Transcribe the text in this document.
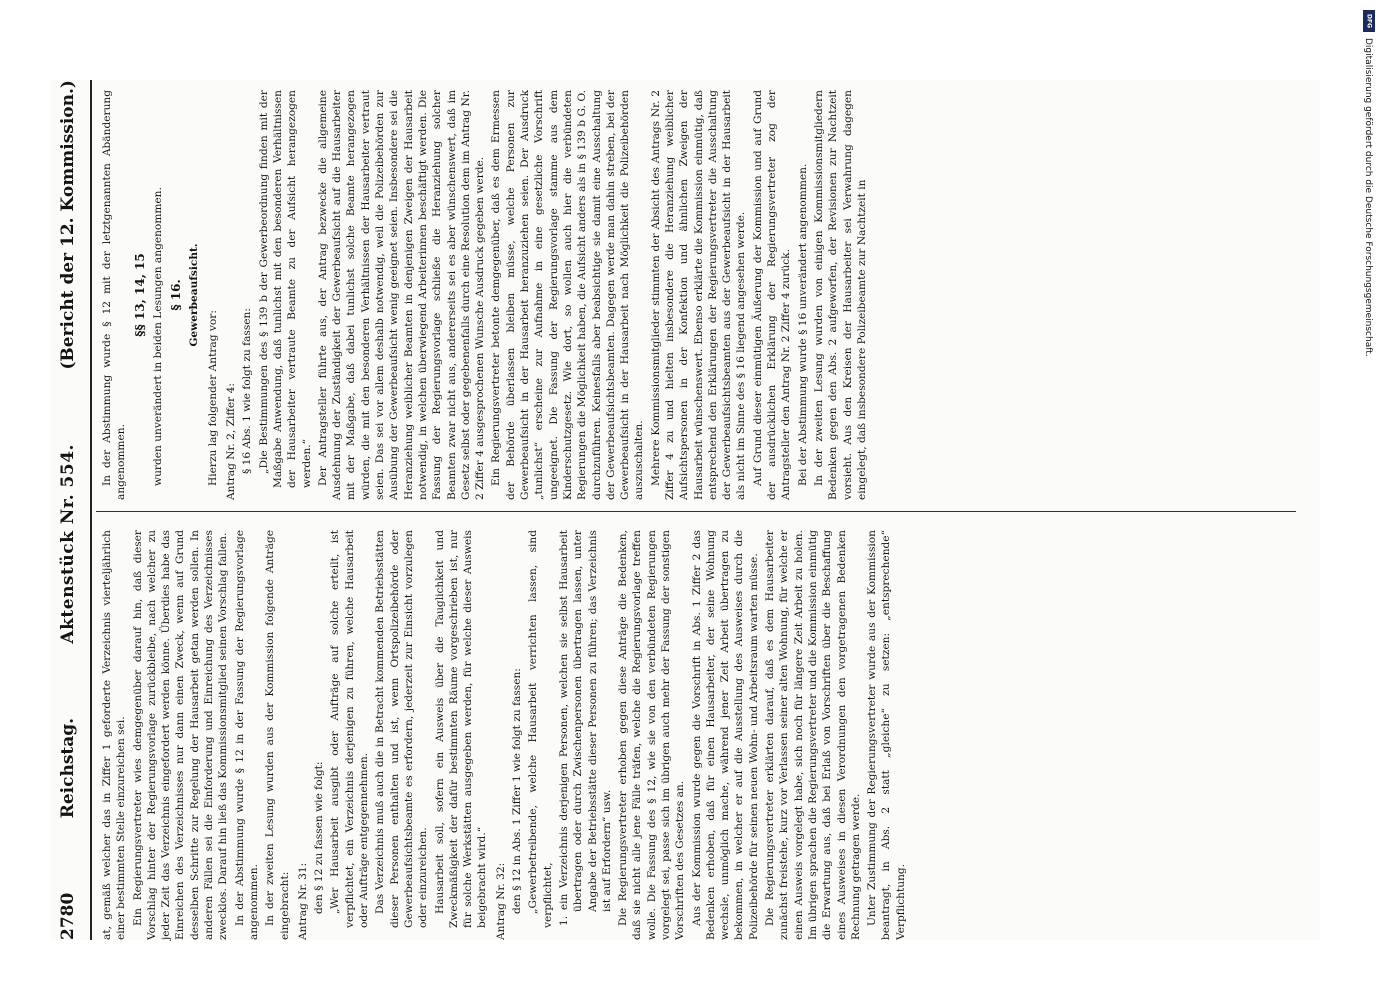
2780
Reichstag.
Aktenstück Nr. 554.
(Bericht der 12. Kommission.)

at, gemäß welcher das in Ziffer 1 geforderte Verzeichnis vierteljährlich einer bestimmten Stelle einzureichen sei. Ein Regierungsvertreter wies demgegenüber darauf hin, daß dieser Vorschlag hinter der Regierungsvorlage zurückbleibe, nach welcher zu jeder Zeit das Verzeichnis eingefordert werden könne. Überdies habe das Einreichen des Verzeichnisses nur dann einen Zweck, wenn auf Grund desselben Schritte zur Regelung der Hausarbeit getan werden sollen. In anderen Fällen sei die Einforderung und Einreichung des Verzeichnisses zwecklos. Darauf hin ließ das Kommissionsmitglied seinen Vorschlag fallen. In der Abstimmung wurde § 12 in der Fassung der Regierungsvorlage angenommen. In der zweiten Lesung wurden aus der Kommission folgende Anträge eingebracht: Antrag Nr. 31: den § 12 zu fassen wie folgt: „Wer Hausarbeit ausgibt oder Aufträge auf solche erteilt, ist verpflichtet, ein Verzeichnis derjenigen zu führen, welche Hausarbeit oder Aufträge entgegennehmen. Das Verzeichnis muß auch die in Betracht kommenden Betriebsstätten dieser Personen enthalten und ist, wenn Ortspolizeibehörde oder Gewerbeaufsichtsbeamte es erfordern, jederzeit zur Einsicht vorzulegen oder einzureichen. Hausarbeit soll, sofern ein Ausweis über die Tauglichkeit und Zweckmäßigkeit der dafür bestimmten Räume vorgeschrieben ist, nur für solche Werkstätten ausgegeben werden, für welche dieser Ausweis beigebracht wird.“ Antrag Nr. 32: den § 12 in Abs. 1 Ziffer 1 wie folgt zu fassen: „Gewerbetreibende, welche Hausarbeit verrichten lassen, sind verpflichtet, 1. ein Verzeichnis derjenigen Personen, welchen sie selbst Hausarbeit übertragen oder durch Zwischenpersonen übertragen lassen, unter Angabe der Betriebsstätte dieser Personen zu führen; das Verzeichnis ist auf Erfordern“ usw. Die Regierungsvertreter erhoben gegen diese Anträge die Bedenken, daß sie nicht alle jene Fälle träfen, welche die Regierungsvorlage treffen wolle. Die Fassung des § 12, wie sie von den verbündeten Regierungen vorgelegt sei, passe sich im übrigen auch mehr der Fassung der sonstigen Vorschriften des Gesetzes an. Aus der Kommission wurde gegen die Vorschrift in Abs. 1 Ziffer 2 das Bedenken erhoben, daß für einen Hausarbeiter, der seine Wohnung wechsle, unmöglich mache, während jener Zeit Arbeit übertragen zu bekommen, in welcher er auf die Ausstellung des Ausweises durch die Polizeibehörde für seinen neuen Wohn- und Arbeitsraum warten müsse. Die Regierungsvertreter erklärten darauf, daß es dem Hausarbeiter zunächst freistehe, kurz vor Verlassen seiner alten Wohnung, für welche er einen Ausweis vorgelegt habe, sich noch für längere Zeit Arbeit zu holen. Im übrigen sprachen die Regierungsvertreter und die Kommission einmütig die Erwartung aus, daß bei Erlaß von Vorschriften über die Beschaffung eines Ausweises in diesen Verordnungen den vorgetragenen Bedenken Rechnung getragen werde. Unter Zustimmung der Regierungsvertreter wurde aus der Kommission beantragt, in Abs. 2 statt „gleiche“ zu setzen: „entsprechende“ Verpflichtung.

In der Abstimmung wurde § 12 mit der letztgenannten Abänderung angenommen.

§§ 13, 14, 15 wurden unverändert in beiden Lesungen angenommen. § 16. Gewerbeaufsicht.

Hierzu lag folgender Antrag vor: Antrag Nr. 2, Ziffer 4: § 16 Abs. 1 wie folgt zu fassen: „Die Bestimmungen des § 139 b der Gewerbeordnung finden mit der Maßgabe Anwendung, daß tunlichst mit den besonderen Verhältnissen der Hausarbeiter vertraute Beamte zu der Aufsicht herangezogen werden.“ Der Antragsteller führte aus, der Antrag bezwecke die allgemeine Ausdehnung der Zuständigkeit der Gewerbeaufsicht auf die Hausarbeiter mit der Maßgabe, daß dabei tunlichst solche Beamte herangezogen würden, die mit den besonderen Verhältnissen der Hausarbeiter vertraut seien. Das sei vor allem deshalb notwendig, weil die Polizeibehörden zur Ausübung der Gewerbeaufsicht wenig geeignet seien. Insbesondere sei die Heranziehung weiblicher Beamten in denjenigen Zweigen der Hausarbeit notwendig, in welchen überwiegend Arbeiterinnen beschäftigt werden. Die Fassung der Regierungsvorlage schließe die Heranziehung solcher Beamten zwar nicht aus, andererseits sei es aber wünschenswert, daß im Gesetz selbst oder gegebenenfalls durch eine Resolution dem im Antrag Nr. 2 Ziffer 4 ausgesprochenen Wunsche Ausdruck gegeben werde. Ein Regierungsvertreter betonte demgegenüber, daß es dem Ermessen der Behörde überlassen bleiben müsse, welche Personen zur Gewerbeaufsicht in der Hausarbeit heranzuziehen seien. Der Ausdruck „tunlichst“ erscheine zur Aufnahme in eine gesetzliche Vorschrift ungeeignet. Die Fassung der Regierungsvorlage stamme aus dem Kinderschutzgesetz. Wie dort, so wollen auch hier die verbündeten Regierungen die Möglichkeit haben, die Aufsicht anders als in § 139 b G. O. durchzuführen. Keinesfalls aber beabsichtige sie damit eine Ausschaltung der Gewerbeaufsichtsbeamten. Dagegen werde man dahin streben, bei der Gewerbeaufsicht in der Hausarbeit nach Möglichkeit die Polizeibehörden auszuschalten. Mehrere Kommissionsmitglieder stimmten der Absicht des Antrags Nr. 2 Ziffer 4 zu und hielten insbesondere die Heranziehung weiblicher Aufsichtspersonen in der Konfektion und ähnlichen Zweigen der Hausarbeit wünschenswert. Ebenso erklärte die Kommission einmütig, daß entsprechend den Erklärungen der Regierungsvertreter die Ausschaltung der Gewerbeaufsichtsbeamten aus der Gewerbeaufsicht in der Hausarbeit als nicht im Sinne des § 16 liegend angesehen werde. Auf Grund dieser einmütigen Äußerung der Kommission und auf Grund der ausdrücklichen Erklärung der Regierungsvertreter zog der Antragsteller den Antrag Nr. 2 Ziffer 4 zurück. Bei der Abstimmung wurde § 16 unverändert angenommen. In der zweiten Lesung wurden von einigen Kommissionsmitgliedern Bedenken gegen den Abs. 2 aufgeworfen, der Revisionen zur Nachtzeit vorsieht. Aus den Kreisen der Hausarbeiter sei Verwahrung dagegen eingelegt, daß insbesondere Polizeibeamte zur Nachtzeit in

DFG
Digitalisierung gefördert durch die Deutsche Forschungsgemeinschaft.
